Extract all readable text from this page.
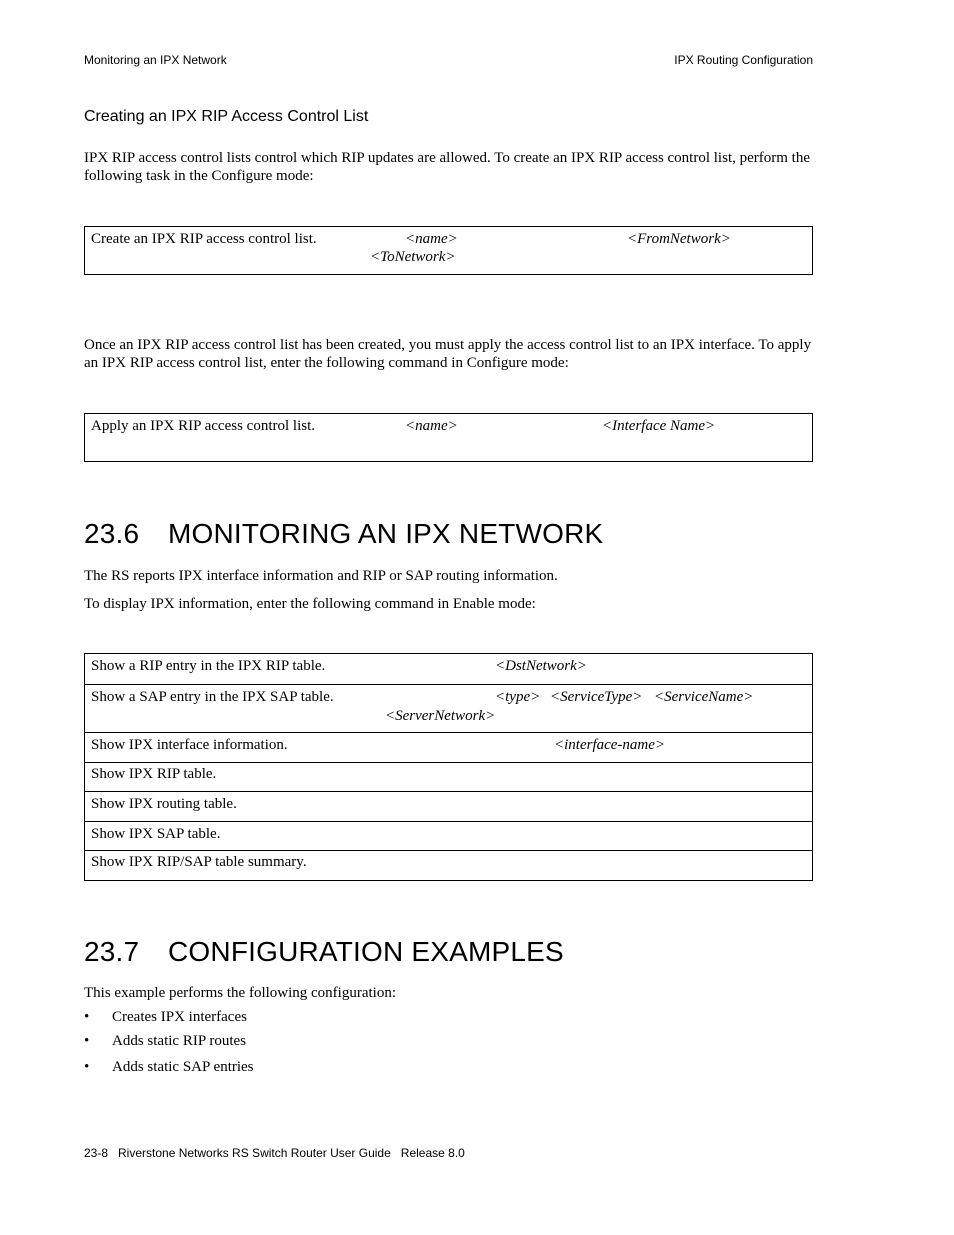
Monitoring an IPX Network	IPX Routing Configuration
Creating an IPX RIP Access Control List
IPX RIP access control lists control which RIP updates are allowed. To create an IPX RIP access control list, perform the following task in the Configure mode:
Create an IPX RIP access control list.	<name>	<FromNetwork>
<ToNetwork>
Once an IPX RIP access control list has been created, you must apply the access control list to an IPX interface. To apply an IPX RIP access control list, enter the following command in Configure mode:
Apply an IPX RIP access control list.	<name>	<Interface Name>
23.6 MONITORING AN IPX NETWORK
The RS reports IPX interface information and RIP or SAP routing information.
To display IPX information, enter the following command in Enable mode:
Show a RIP entry in the IPX RIP table.	<DstNetwork>
Show a SAP entry in the IPX SAP table.	<type> <ServiceType> <ServiceName>
<ServerNetwork>
Show IPX interface information.	<interface-name>
Show IPX RIP table.
Show IPX routing table.
Show IPX SAP table.
Show IPX RIP/SAP table summary.
23.7 CONFIGURATION EXAMPLES
This example performs the following configuration:
• Creates IPX interfaces
• Adds static RIP routes
• Adds static SAP entries
23-8   Riverstone Networks RS Switch Router User Guide   Release 8.0
